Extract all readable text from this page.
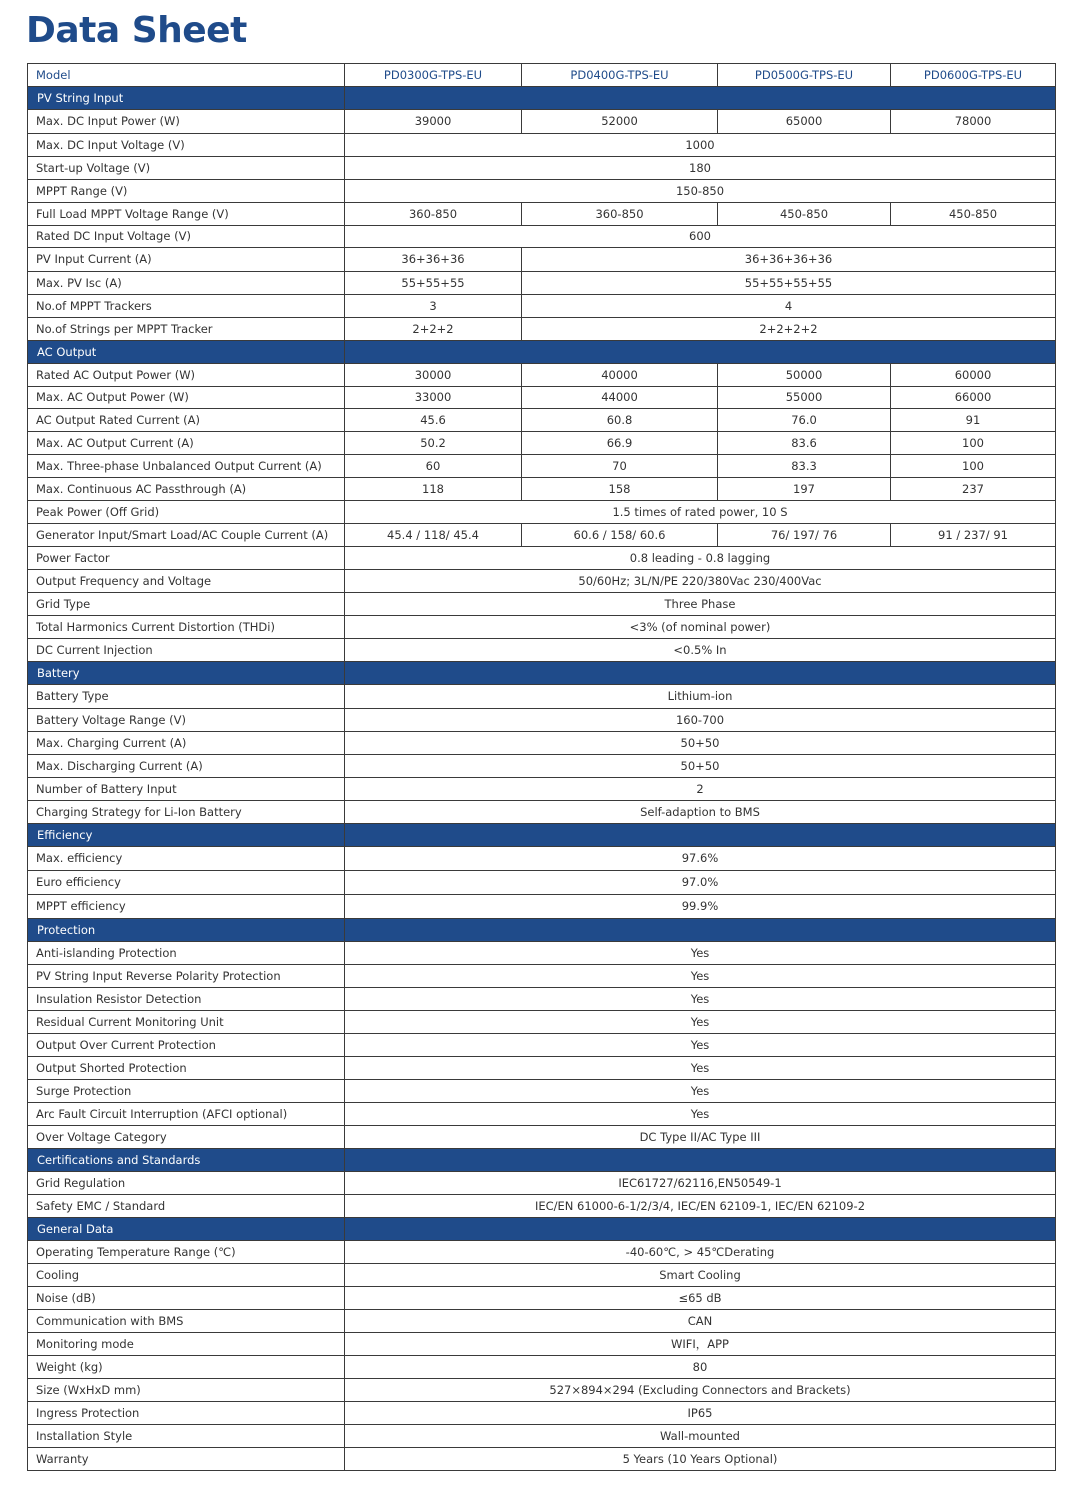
Data Sheet
Model	PD0300G-TPS-EU	PD0400G-TPS-EU	PD0500G-TPS-EU	PD0600G-TPS-EU
PV String Input				
Max. DC Input Power (W)	39000	52000	65000	78000
Max. DC Input Voltage (V)	1000			
Start-up Voltage (V)	180			
MPPT Range (V)	150-850			
Full Load MPPT Voltage Range (V)	360-850	360-850	450-850	450-850
Rated DC Input Voltage (V)	600			
PV Input Current (A)	36+36+36	36+36+36+36		
Max. PV Isc (A)	55+55+55	55+55+55+55		
No.of MPPT Trackers	3	4		
No.of Strings per MPPT Tracker	2+2+2	2+2+2+2		
AC Output				
Rated AC Output Power (W)	30000	40000	50000	60000
Max. AC Output Power (W)	33000	44000	55000	66000
AC Output Rated Current (A)	45.6	60.8	76.0	91
Max. AC Output Current (A)	50.2	66.9	83.6	100
Max. Three-phase Unbalanced Output Current (A)	60	70	83.3	100
Max. Continuous AC Passthrough (A)	118	158	197	237
Peak Power (Off Grid)	1.5 times of rated power, 10 S			
Generator Input/Smart Load/AC Couple Current (A)	45.4 / 118/ 45.4	60.6 / 158/ 60.6	76/ 197/ 76	91 / 237/ 91
Power Factor	0.8 leading - 0.8 lagging			
Output Frequency and Voltage	50/60Hz; 3L/N/PE 220/380Vac 230/400Vac			
Grid Type	Three Phase			
Total Harmonics Current Distortion (THDi)	<3% (of nominal power)			
DC Current Injection	<0.5% In			
Battery				
Battery Type	Lithium-ion			
Battery Voltage Range (V)	160-700			
Max. Charging Current (A)	50+50			
Max. Discharging Current (A)	50+50			
Number of Battery Input	2			
Charging Strategy for Li-Ion Battery	Self-adaption to BMS			
Efficiency				
Max. efficiency	97.6%			
Euro efficiency	97.0%			
MPPT efficiency	99.9%			
Protection				
Anti-islanding Protection	Yes			
PV String Input Reverse Polarity Protection	Yes			
Insulation Resistor Detection	Yes			
Residual Current Monitoring Unit	Yes			
Output Over Current Protection	Yes			
Output Shorted Protection	Yes			
Surge Protection	Yes			
Arc Fault Circuit Interruption (AFCI optional)	Yes			
Over Voltage Category	DC Type II/AC Type III			
Certifications and Standards				
Grid Regulation	IEC61727/62116,EN50549-1			
Safety EMC / Standard	IEC/EN 61000-6-1/2/3/4, IEC/EN 62109-1, IEC/EN 62109-2			
General Data				
Operating Temperature Range (℃)	-40-60℃, > 45℃Derating			
Cooling	Smart Cooling			
Noise (dB)	≤65 dB			
Communication with BMS	CAN			
Monitoring mode	WIFI，APP			
Weight (kg)	80			
Size (WxHxD mm)	527×894×294 (Excluding Connectors and Brackets)			
Ingress Protection	IP65			
Installation Style	Wall-mounted			
Warranty	5 Years (10 Years Optional)			
